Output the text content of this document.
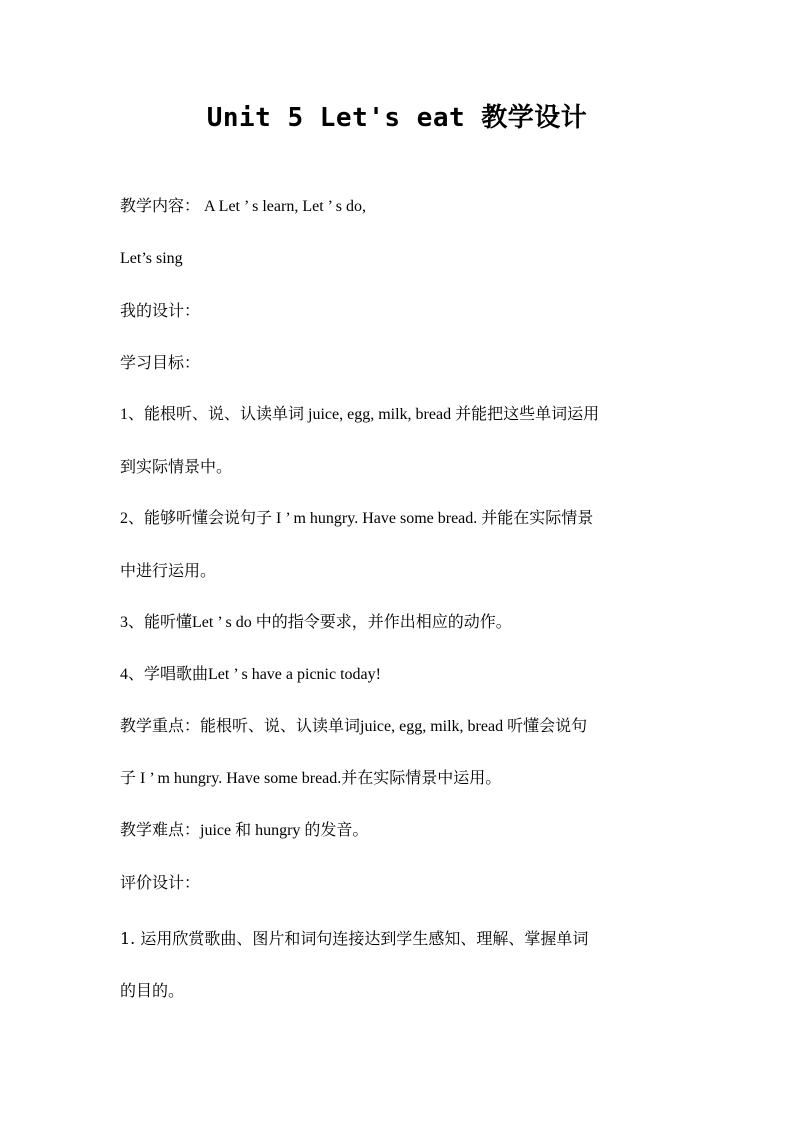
Unit 5 Let's eat 教学设计
教学内容： A Let ’ s learn, Let ’ s do,
Let’s sing
我的设计：
学习目标：
1、能根听、说、认读单词 juice, egg, milk, bread 并能把这些单词运用
到实际情景中。
2、能够听懂会说句子 I ’ m hungry. Have some bread. 并能在实际情景
中进行运用。
3、能听懂Let ’ s do 中的指令要求，并作出相应的动作。
4、学唱歌曲Let ’ s have a picnic today!
教学重点：能根听、说、认读单词juice, egg, milk, bread 听懂会说句
子 I ’ m hungry. Have some bread.并在实际情景中运用。
教学难点：juice 和 hungry 的发音。
评价设计：
1. 运用欣赏歌曲、图片和词句连接达到学生感知、理解、掌握单词
的目的。
